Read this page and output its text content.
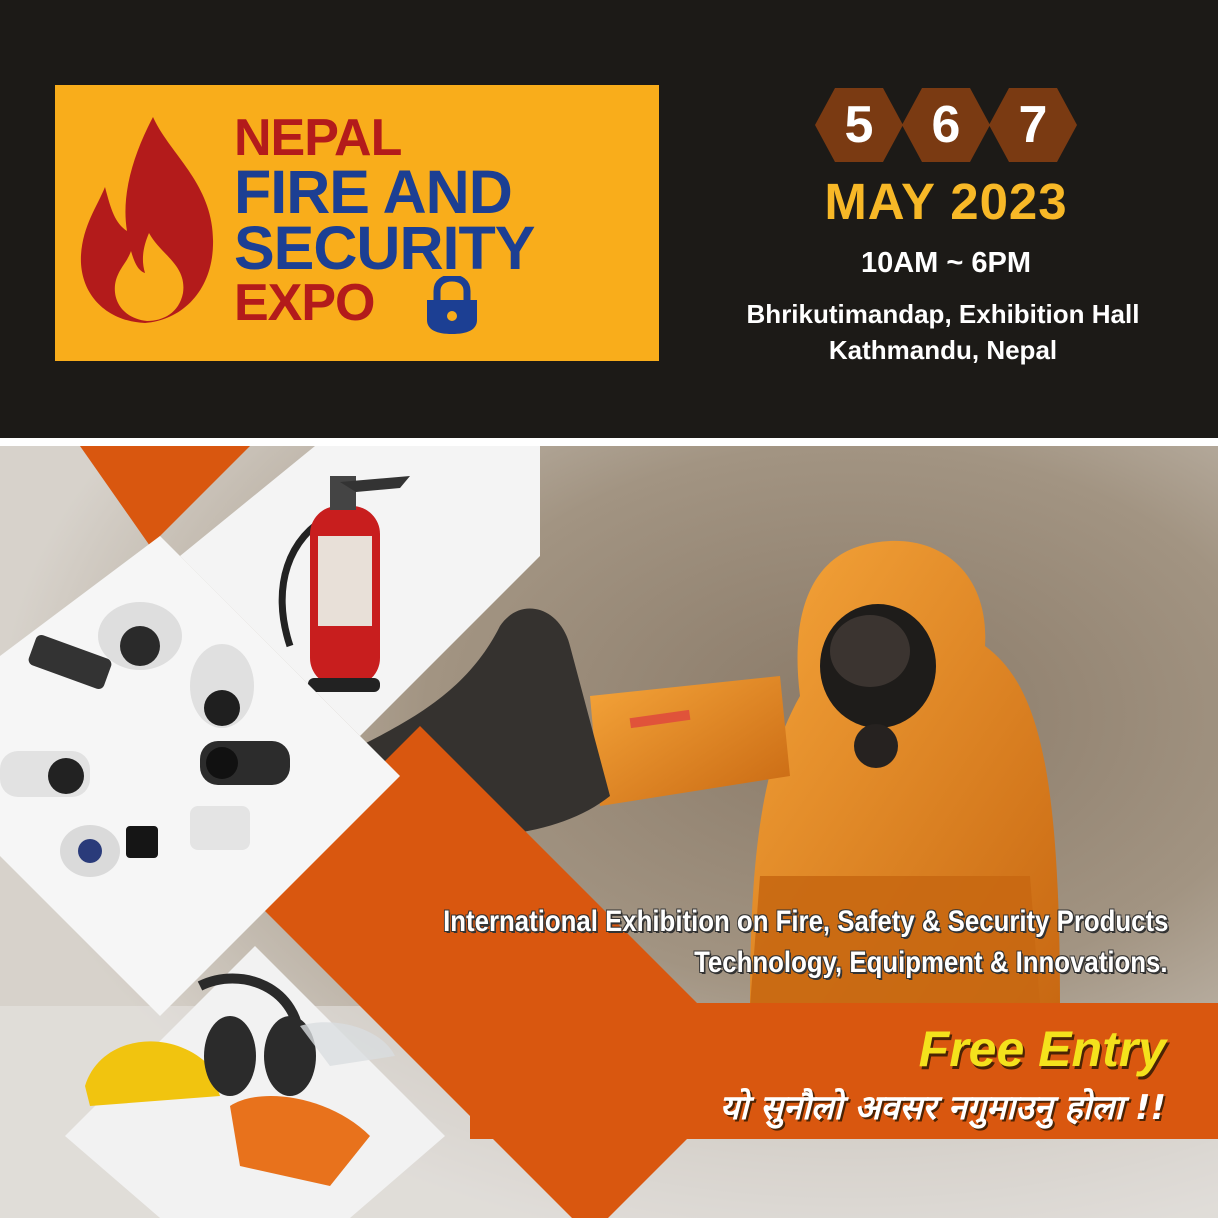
NEPAL
FIRE AND
SECURITY
EXPO
5	6	7
MAY 2023
10AM ~ 6PM
Bhrikutimandap, Exhibition Hall
Kathmandu, Nepal
International Exhibition on Fire, Safety & Security Products
Technology, Equipment & Innovations.
Free Entry
यो सुनौलो अवसर नगुमाउनु होला !!
